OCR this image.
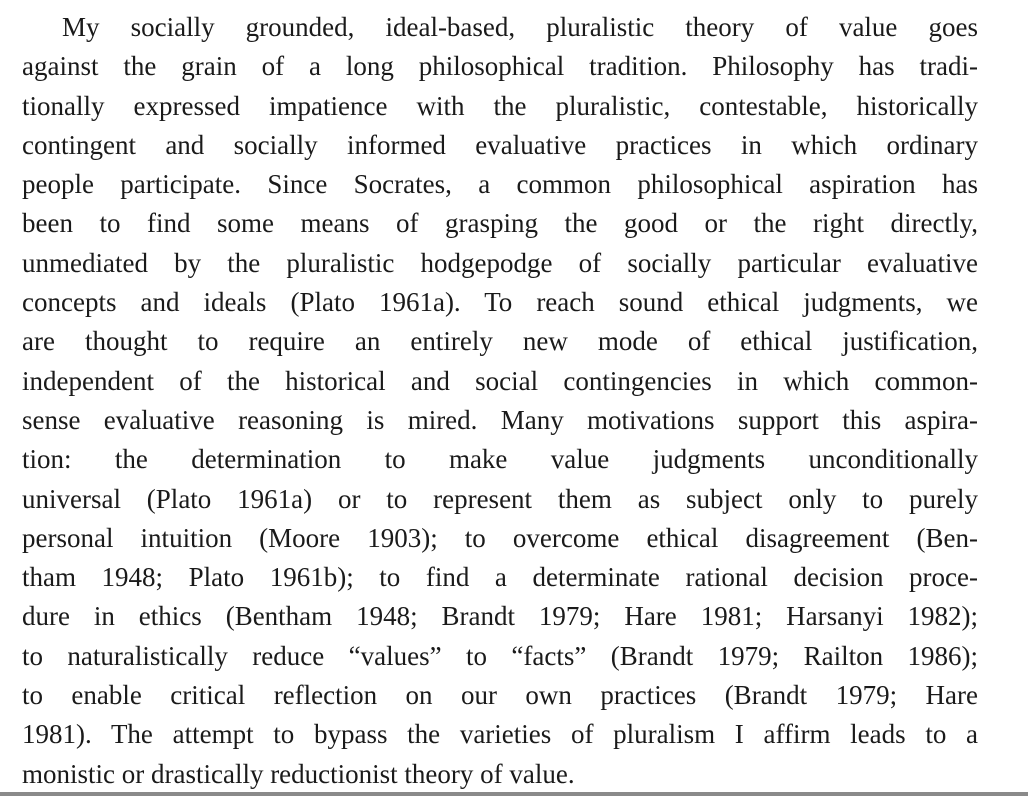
My socially grounded, ideal-based, pluralistic theory of value goes
against the grain of a long philosophical tradition. Philosophy has tradi-
tionally expressed impatience with the pluralistic, contestable, historically
contingent and socially informed evaluative practices in which ordinary
people participate. Since Socrates, a common philosophical aspiration has
been to find some means of grasping the good or the right directly,
unmediated by the pluralistic hodgepodge of socially particular evaluative
concepts and ideals (Plato 1961a). To reach sound ethical judgments, we
are thought to require an entirely new mode of ethical justification,
independent of the historical and social contingencies in which common-
sense evaluative reasoning is mired. Many motivations support this aspira-
tion: the determination to make value judgments unconditionally
universal (Plato 1961a) or to represent them as subject only to purely
personal intuition (Moore 1903); to overcome ethical disagreement (Ben-
tham 1948; Plato 1961b); to find a determinate rational decision proce-
dure in ethics (Bentham 1948; Brandt 1979; Hare 1981; Harsanyi 1982);
to naturalistically reduce “values” to “facts” (Brandt 1979; Railton 1986);
to enable critical reflection on our own practices (Brandt 1979; Hare
1981). The attempt to bypass the varieties of pluralism I affirm leads to a
monistic or drastically reductionist theory of value.
